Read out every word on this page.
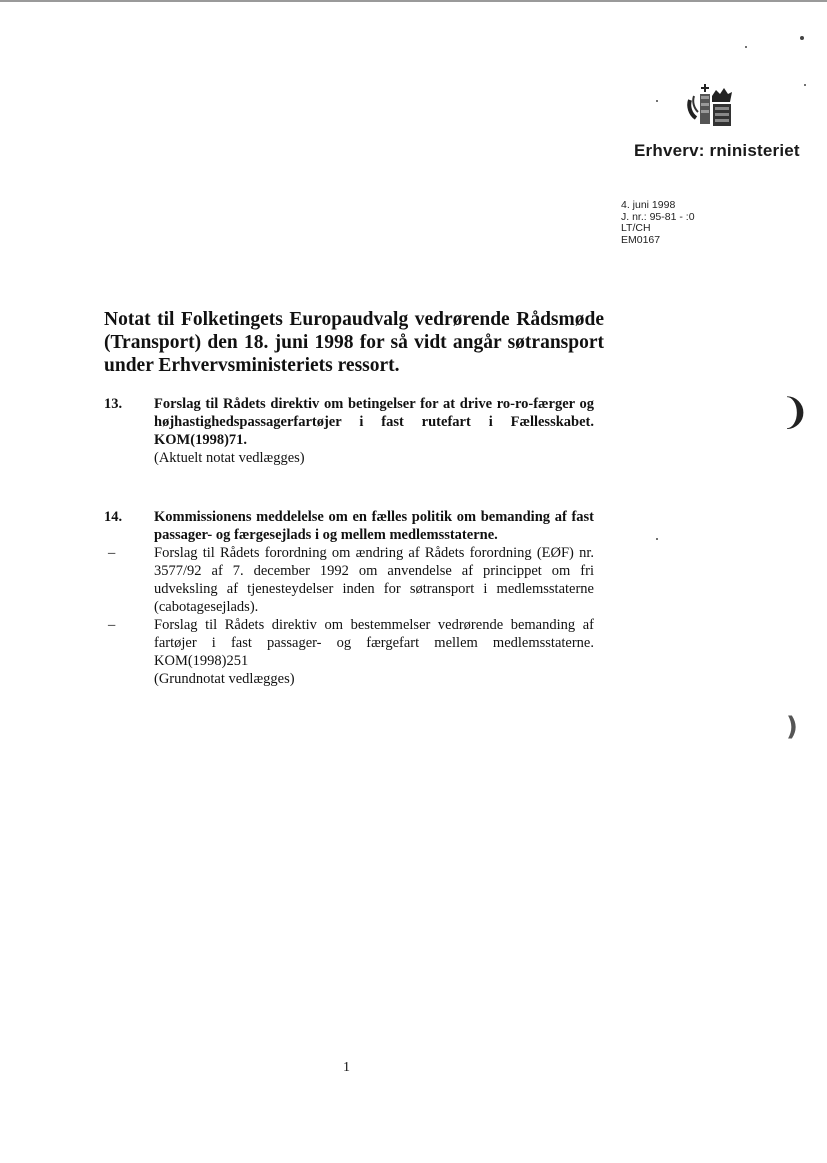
Erhverv: rninisteriet
4. juni 1998
J. nr.: 95-81 - :0
LT/CH
EM0167
Notat til Folketingets Europaudvalg vedrørende Rådsmøde (Transport) den 18. juni 1998 for så vidt angår søtransport under Erhvervsministeriets ressort.
13.	Forslag til Rådets direktiv om betingelser for at drive ro-ro-færger og højhastighedspassagerfartøjer i fast rutefart i Fællesskabet. KOM(1998)71.
(Aktuelt notat vedlægges)
14.	Kommissionens meddelelse om en fælles politik om bemanding af fast passager- og færgesejlads i og mellem medlemsstaterne.
–	Forslag til Rådets forordning om ændring af Rådets forordning (EØF) nr. 3577/92 af 7. december 1992 om anvendelse af princippet om fri udveksling af tjenesteydelser inden for søtransport i medlemsstaterne (cabotagesejlads).
–	Forslag til Rådets direktiv om bestemmelser vedrørende bemanding af fartøjer i fast passager- og færgefart mellem medlemsstaterne. KOM(1998)251
(Grundnotat vedlægges)
1
❩
)
